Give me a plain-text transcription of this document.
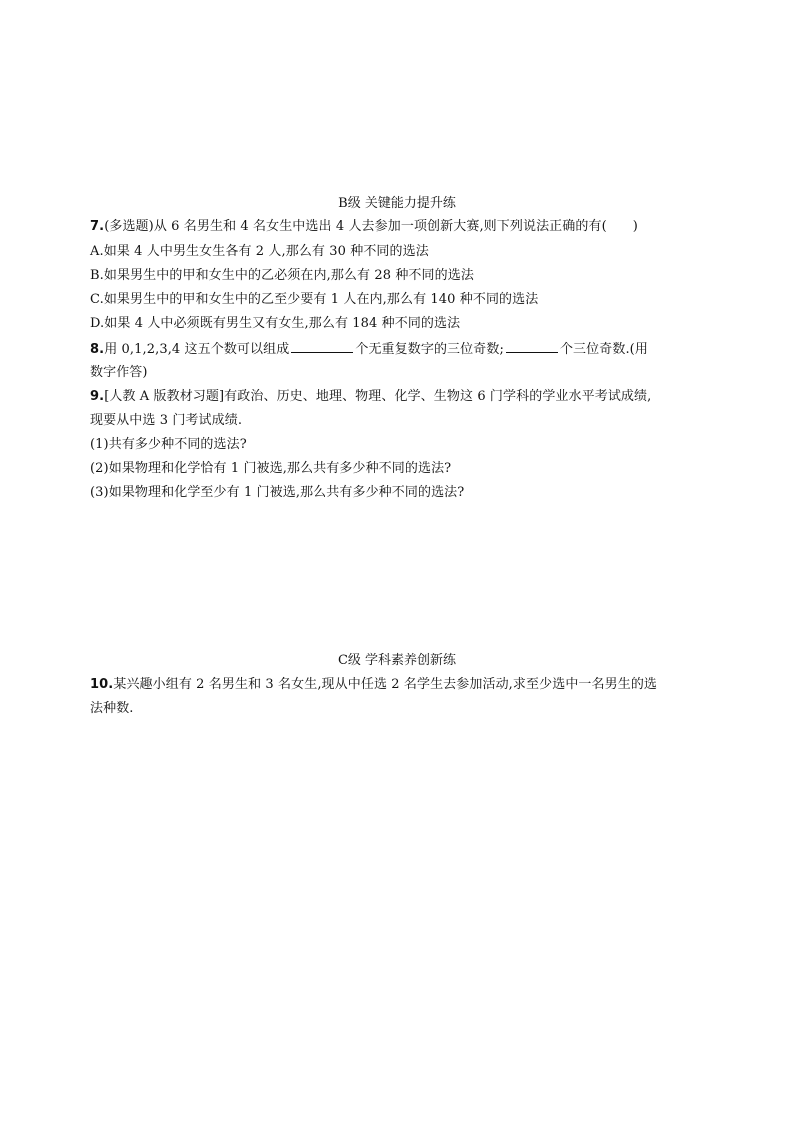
B级 关键能力提升练
7.(多选题)从 6 名男生和 4 名女生中选出 4 人去参加一项创新大赛,则下列说法正确的有( )
A.如果 4 人中男生女生各有 2 人,那么有 30 种不同的选法
B.如果男生中的甲和女生中的乙必须在内,那么有 28 种不同的选法
C.如果男生中的甲和女生中的乙至少要有 1 人在内,那么有 140 种不同的选法
D.如果 4 人中必须既有男生又有女生,那么有 184 种不同的选法
8.用 0,1,2,3,4 这五个数可以组成	个无重复数字的三位奇数;	个三位奇数.(用
数字作答)
9.[人教 A 版教材习题]有政治、历史、地理、物理、化学、生物这 6 门学科的学业水平考试成绩,
现要从中选 3 门考试成绩.
(1)共有多少种不同的选法?
(2)如果物理和化学恰有 1 门被选,那么共有多少种不同的选法?
(3)如果物理和化学至少有 1 门被选,那么共有多少种不同的选法?
C级 学科素养创新练
10.某兴趣小组有 2 名男生和 3 名女生,现从中任选 2 名学生去参加活动,求至少选中一名男生的选
法种数.
